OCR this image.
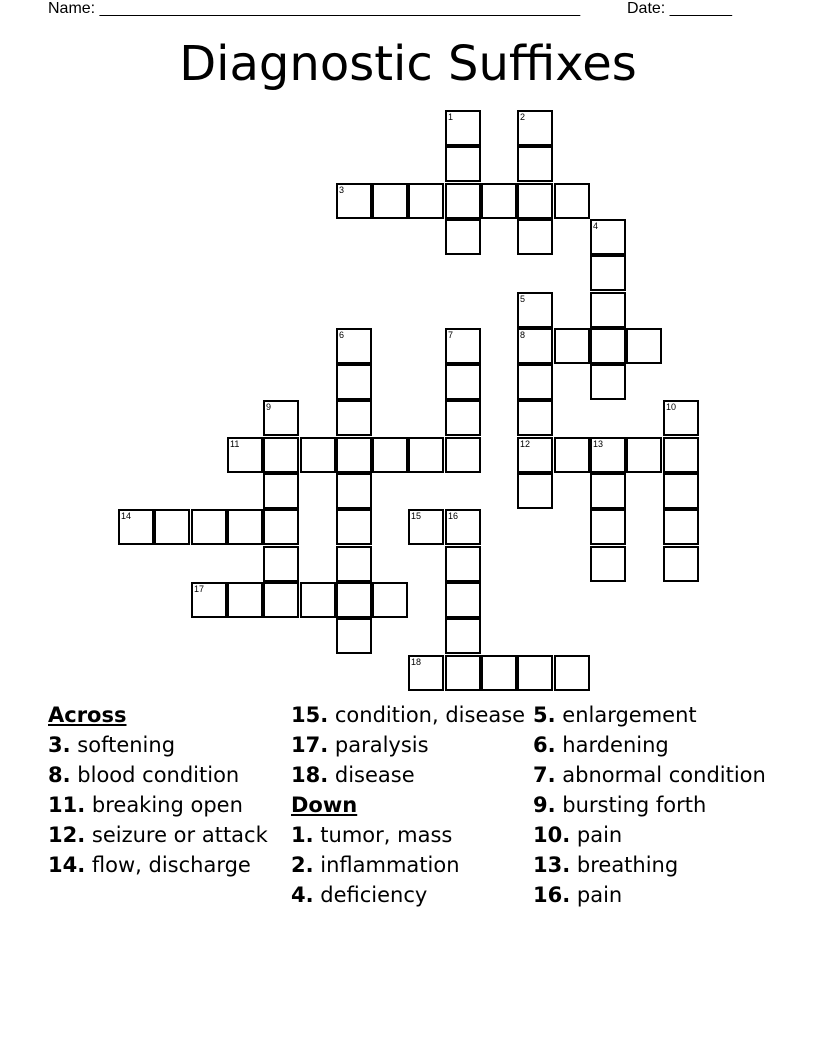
Name: ______________________________________________________	Date: _______
Diagnostic Suffixes
1	2
3
4
5
8
12
6	7
9	10
11	13
14	15	16
17
18
Across
3. softening
8. blood condition
11. breaking open
12. seizure or attack
14. flow, discharge
15. condition, disease
17. paralysis
18. disease
Down
1. tumor, mass
2. inflammation
4. deficiency
5. enlargement
6. hardening
7. abnormal condition
9. bursting forth
10. pain
13. breathing
16. pain
